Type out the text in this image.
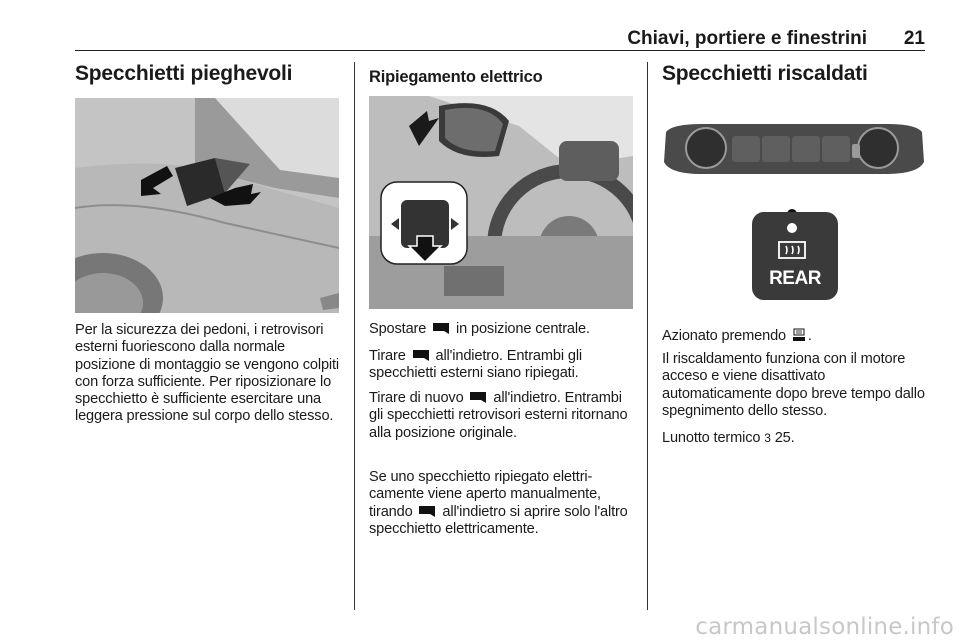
Chiavi, portiere e finestrini 21
Specchietti pieghevoli

Per la sicurezza dei pedoni, i retrovisori esterni fuoriescono dalla normale posizione di montaggio se vengono colpiti con forza sufficiente. Per riposizionare lo specchietto è sufficiente esercitare una leggera pressione sul corpo dello stesso.

Ripiegamento elettrico

Spostare in posizione centrale.

Tirare all'indietro. Entrambi gli specchietti esterni siano ripiegati.

Tirare di nuovo all'indietro. Entrambi gli specchietti retrovisori esterni ritornano alla posizione originale.

Se uno specchietto ripiegato elettricamente viene aperto manualmente, tirando all'indietro si aprire solo l'altro specchietto elettricamente.

Specchietti riscaldati
REAR

Azionato premendo .

Il riscaldamento funziona con il motore acceso e viene disattivato automaticamente dopo breve tempo dallo spegnimento dello stesso.

Lunotto termico 3 25.

carmanualsonline.info
